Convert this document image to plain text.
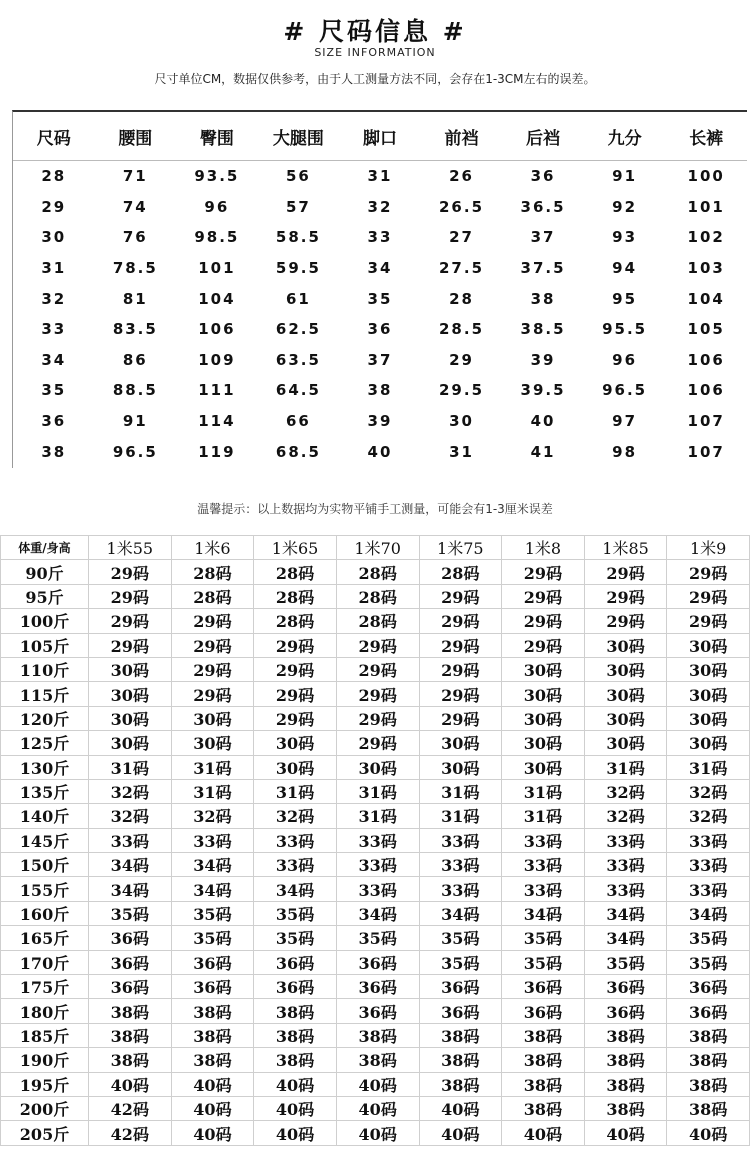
# 尺码信息 #
SIZE INFORMATION
尺寸单位CM，数据仅供参考，由于人工测量方法不同，会存在1-3CM左右的误差。
尺码	腰围	臀围	大腿围	脚口	前裆	后裆	九分	长裤
28	71	93.5	56	31	26	36	91	100
29	74	96	57	32	26.5	36.5	92	101
30	76	98.5	58.5	33	27	37	93	102
31	78.5	101	59.5	34	27.5	37.5	94	103
32	81	104	61	35	28	38	95	104
33	83.5	106	62.5	36	28.5	38.5	95.5	105
34	86	109	63.5	37	29	39	96	106
35	88.5	111	64.5	38	29.5	39.5	96.5	106
36	91	114	66	39	30	40	97	107
38	96.5	119	68.5	40	31	41	98	107
温馨提示：以上数据均为实物平铺手工测量，可能会有1-3厘米误差
体重/身高	1米55	1米6	1米65	1米70	1米75	1米8	1米85	1米9
90斤	29码	28码	28码	28码	28码	29码	29码	29码
95斤	29码	28码	28码	28码	29码	29码	29码	29码
100斤	29码	29码	28码	28码	29码	29码	29码	29码
105斤	29码	29码	29码	29码	29码	29码	30码	30码
110斤	30码	29码	29码	29码	29码	30码	30码	30码
115斤	30码	29码	29码	29码	29码	30码	30码	30码
120斤	30码	30码	29码	29码	29码	30码	30码	30码
125斤	30码	30码	30码	29码	30码	30码	30码	30码
130斤	31码	31码	30码	30码	30码	30码	31码	31码
135斤	32码	31码	31码	31码	31码	31码	32码	32码
140斤	32码	32码	32码	31码	31码	31码	32码	32码
145斤	33码	33码	33码	33码	33码	33码	33码	33码
150斤	34码	34码	33码	33码	33码	33码	33码	33码
155斤	34码	34码	34码	33码	33码	33码	33码	33码
160斤	35码	35码	35码	34码	34码	34码	34码	34码
165斤	36码	35码	35码	35码	35码	35码	34码	35码
170斤	36码	36码	36码	36码	35码	35码	35码	35码
175斤	36码	36码	36码	36码	36码	36码	36码	36码
180斤	38码	38码	38码	36码	36码	36码	36码	36码
185斤	38码	38码	38码	38码	38码	38码	38码	38码
190斤	38码	38码	38码	38码	38码	38码	38码	38码
195斤	40码	40码	40码	40码	38码	38码	38码	38码
200斤	42码	40码	40码	40码	40码	38码	38码	38码
205斤	42码	40码	40码	40码	40码	40码	40码	40码
